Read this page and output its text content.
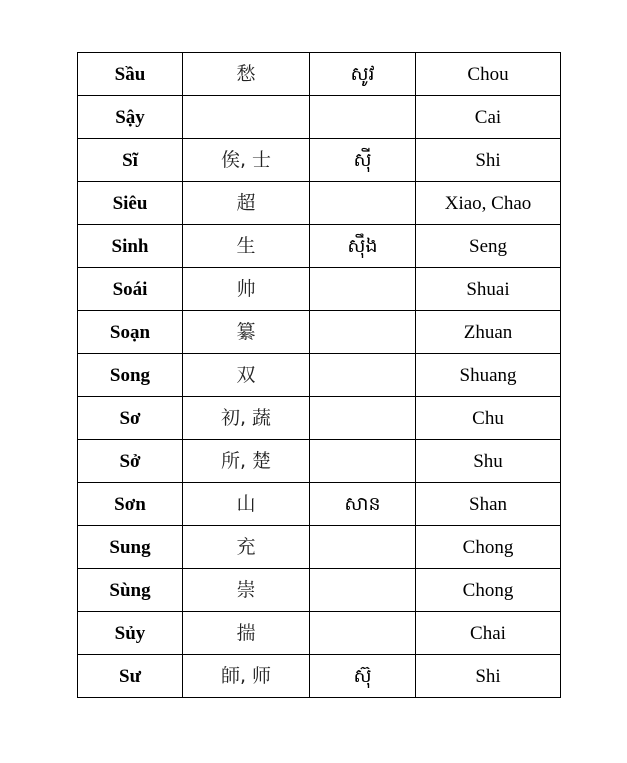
Sầu	愁	សូវ	Chou
Sậy			Cai
Sĩ	俟, 士	ស៊ី	Shi
Siêu	超		Xiao, Chao
Sinh	生	ស៊ឹង	Seng
Soái	帅		Shuai
Soạn	纂		Zhuan
Song	双		Shuang
Sơ	初, 蔬		Chu
Sở	所, 楚		Shu
Sơn	山	សាន	Shan
Sung	充		Chong
Sùng	崇		Chong
Sủy	揣		Chai
Sư	師, 师	ស៊ុ	Shi
